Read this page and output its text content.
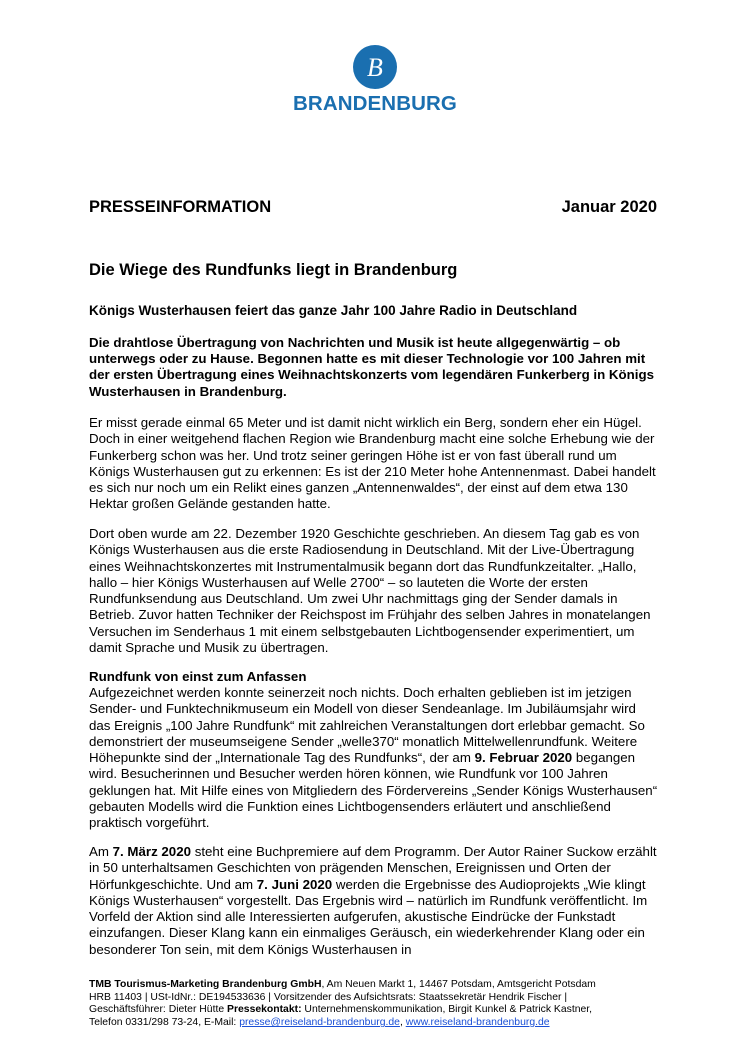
B
BRANDENBURG
PRESSEINFORMATION	Januar 2020
Die Wiege des Rundfunks liegt in Brandenburg
Königs Wusterhausen feiert das ganze Jahr 100 Jahre Radio in Deutschland
Die drahtlose Übertragung von Nachrichten und Musik ist heute allgegenwärtig – ob unterwegs oder zu Hause. Begonnen hatte es mit dieser Technologie vor 100 Jahren mit der ersten Übertragung eines Weihnachtskonzerts vom legendären Funkerberg in Königs Wusterhausen in Brandenburg.
Er misst gerade einmal 65 Meter und ist damit nicht wirklich ein Berg, sondern eher ein Hügel. Doch in einer weitgehend flachen Region wie Brandenburg macht eine solche Erhebung wie der Funkerberg schon was her. Und trotz seiner geringen Höhe ist er von fast überall rund um Königs Wusterhausen gut zu erkennen: Es ist der 210 Meter hohe Antennenmast. Dabei handelt es sich nur noch um ein Relikt eines ganzen „Antennenwaldes“, der einst auf dem etwa 130 Hektar großen Gelände gestanden hatte.
Dort oben wurde am 22. Dezember 1920 Geschichte geschrieben. An diesem Tag gab es von Königs Wusterhausen aus die erste Radiosendung in Deutschland. Mit der Live-Übertragung eines Weihnachtskonzertes mit Instrumentalmusik begann dort das Rundfunkzeitalter. „Hallo, hallo – hier Königs Wusterhausen auf Welle 2700“ – so lauteten die Worte der ersten Rundfunksendung aus Deutschland. Um zwei Uhr nachmittags ging der Sender damals in Betrieb. Zuvor hatten Techniker der Reichspost im Frühjahr des selben Jahres in monatelangen Versuchen im Senderhaus 1 mit einem selbstgebauten Lichtbogensender experimentiert, um damit Sprache und Musik zu übertragen.
Rundfunk von einst zum Anfassen
Aufgezeichnet werden konnte seinerzeit noch nichts. Doch erhalten geblieben ist im jetzigen Sender- und Funktechnikmuseum ein Modell von dieser Sendeanlage. Im Jubiläumsjahr wird das Ereignis „100 Jahre Rundfunk“ mit zahlreichen Veranstaltungen dort erlebbar gemacht. So demonstriert der museumseigene Sender „welle370“ monatlich Mittelwellenrundfunk. Weitere Höhepunkte sind der „Internationale Tag des Rundfunks“, der am 9. Februar 2020 begangen wird. Besucherinnen und Besucher werden hören können, wie Rundfunk vor 100 Jahren geklungen hat. Mit Hilfe eines von Mitgliedern des Fördervereins „Sender Königs Wusterhausen“ gebauten Modells wird die Funktion eines Lichtbogensenders erläutert und anschließend praktisch vorgeführt.
Am 7. März 2020 steht eine Buchpremiere auf dem Programm. Der Autor Rainer Suckow erzählt in 50 unterhaltsamen Geschichten von prägenden Menschen, Ereignissen und Orten der Hörfunkgeschichte. Und am 7. Juni 2020 werden die Ergebnisse des Audioprojekts „Wie klingt Königs Wusterhausen“ vorgestellt. Das Ergebnis wird – natürlich im Rundfunk veröffentlicht. Im Vorfeld der Aktion sind alle Interessierten aufgerufen, akustische Eindrücke der Funkstadt einzufangen. Dieser Klang kann ein einmaliges Geräusch, ein wiederkehrender Klang oder ein besonderer Ton sein, mit dem Königs Wusterhausen in
TMB Tourismus-Marketing Brandenburg GmbH, Am Neuen Markt 1, 14467 Potsdam, Amtsgericht Potsdam
HRB 11403 | USt-IdNr.: DE194533636 | Vorsitzender des Aufsichtsrats: Staatssekretär Hendrik Fischer |
Geschäftsführer: Dieter Hütte Pressekontakt: Unternehmenskommunikation, Birgit Kunkel & Patrick Kastner,
Telefon 0331/298 73-24, E-Mail: presse@reiseland-brandenburg.de, www.reiseland-brandenburg.de
